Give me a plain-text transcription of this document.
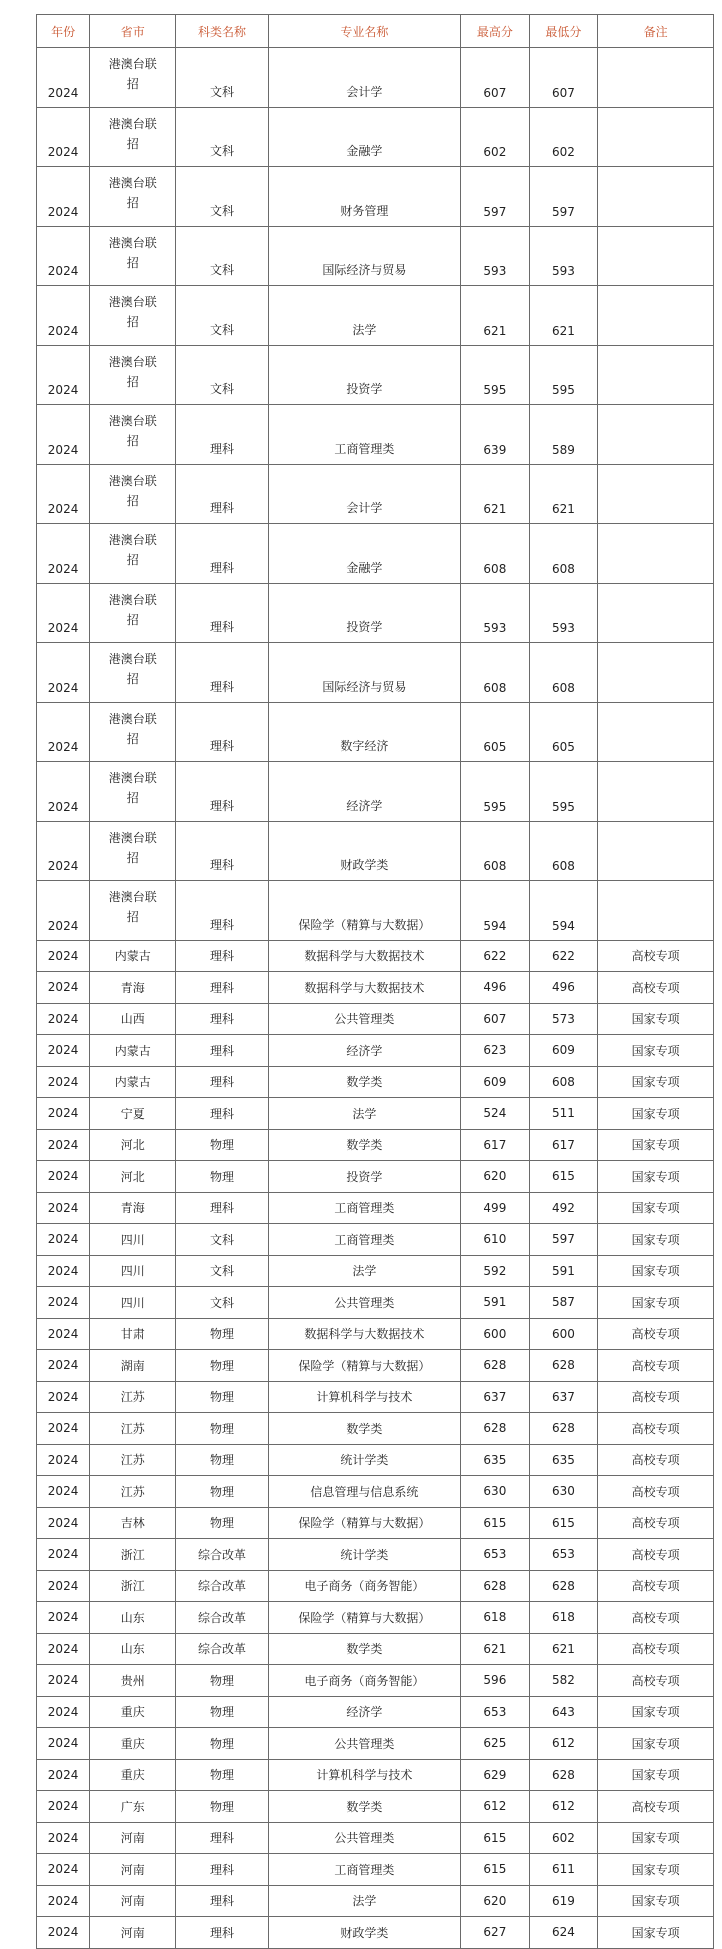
年份	省市	科类名称	专业名称	最高分	最低分	备注
2024	港澳台联招	文科	会计学	607	607	
2024	港澳台联招	文科	金融学	602	602	
2024	港澳台联招	文科	财务管理	597	597	
2024	港澳台联招	文科	国际经济与贸易	593	593	
2024	港澳台联招	文科	法学	621	621	
2024	港澳台联招	文科	投资学	595	595	
2024	港澳台联招	理科	工商管理类	639	589	
2024	港澳台联招	理科	会计学	621	621	
2024	港澳台联招	理科	金融学	608	608	
2024	港澳台联招	理科	投资学	593	593	
2024	港澳台联招	理科	国际经济与贸易	608	608	
2024	港澳台联招	理科	数字经济	605	605	
2024	港澳台联招	理科	经济学	595	595	
2024	港澳台联招	理科	财政学类	608	608	
2024	港澳台联招	理科	保险学（精算与大数据）	594	594	
2024	内蒙古	理科	数据科学与大数据技术	622	622	高校专项
2024	青海	理科	数据科学与大数据技术	496	496	高校专项
2024	山西	理科	公共管理类	607	573	国家专项
2024	内蒙古	理科	经济学	623	609	国家专项
2024	内蒙古	理科	数学类	609	608	国家专项
2024	宁夏	理科	法学	524	511	国家专项
2024	河北	物理	数学类	617	617	国家专项
2024	河北	物理	投资学	620	615	国家专项
2024	青海	理科	工商管理类	499	492	国家专项
2024	四川	文科	工商管理类	610	597	国家专项
2024	四川	文科	法学	592	591	国家专项
2024	四川	文科	公共管理类	591	587	国家专项
2024	甘肃	物理	数据科学与大数据技术	600	600	高校专项
2024	湖南	物理	保险学（精算与大数据）	628	628	高校专项
2024	江苏	物理	计算机科学与技术	637	637	高校专项
2024	江苏	物理	数学类	628	628	高校专项
2024	江苏	物理	统计学类	635	635	高校专项
2024	江苏	物理	信息管理与信息系统	630	630	高校专项
2024	吉林	物理	保险学（精算与大数据）	615	615	高校专项
2024	浙江	综合改革	统计学类	653	653	高校专项
2024	浙江	综合改革	电子商务（商务智能）	628	628	高校专项
2024	山东	综合改革	保险学（精算与大数据）	618	618	高校专项
2024	山东	综合改革	数学类	621	621	高校专项
2024	贵州	物理	电子商务（商务智能）	596	582	高校专项
2024	重庆	物理	经济学	653	643	国家专项
2024	重庆	物理	公共管理类	625	612	国家专项
2024	重庆	物理	计算机科学与技术	629	628	国家专项
2024	广东	物理	数学类	612	612	高校专项
2024	河南	理科	公共管理类	615	602	国家专项
2024	河南	理科	工商管理类	615	611	国家专项
2024	河南	理科	法学	620	619	国家专项
2024	河南	理科	财政学类	627	624	国家专项
